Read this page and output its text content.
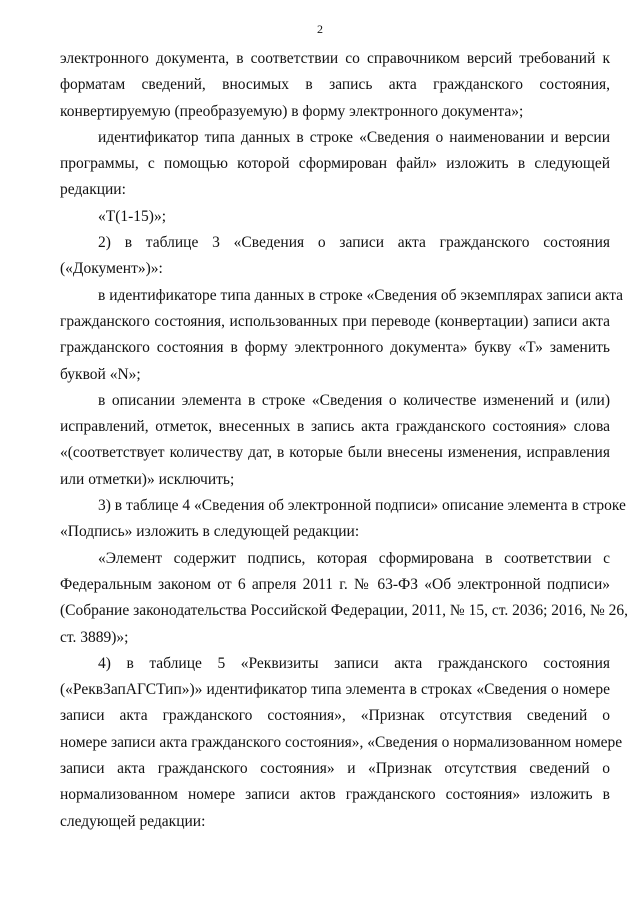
2
электронного документа, в соответствии со справочником версий требований к
форматам сведений, вносимых в запись акта гражданского состояния,
конвертируемую (преобразуемую) в форму электронного документа»;
идентификатор типа данных в строке «Сведения о наименовании и версии
программы, с помощью которой сформирован файл» изложить в следующей
редакции:
«T(1-15)»;
2) в таблице 3 «Сведения о записи акта гражданского состояния
(«Документ»)»:
в идентификаторе типа данных в строке «Сведения об экземплярах записи акта
гражданского состояния, использованных при переводе (конвертации) записи акта
гражданского состояния в форму электронного документа» букву «Т» заменить
буквой «N»;
в описании элемента в строке «Сведения о количестве изменений и (или)
исправлений, отметок, внесенных в запись акта гражданского состояния» слова
«(соответствует количеству дат, в которые были внесены изменения, исправления
или отметки)» исключить;
3) в таблице 4 «Сведения об электронной подписи» описание элемента в строке
«Подпись» изложить в следующей редакции:
«Элемент содержит подпись, которая сформирована в соответствии с
Федеральным законом от 6 апреля 2011 г. № 63-ФЗ «Об электронной подписи»
(Собрание законодательства Российской Федерации, 2011, № 15, ст. 2036; 2016, № 26,
ст. 3889)»;
4) в таблице 5 «Реквизиты записи акта гражданского состояния
(«РеквЗапАГСТип»)» идентификатор типа элемента в строках «Сведения о номере
записи акта гражданского состояния», «Признак отсутствия сведений о
номере записи акта гражданского состояния», «Сведения о нормализованном номере
записи акта гражданского состояния» и «Признак отсутствия сведений о
нормализованном номере записи актов гражданского состояния» изложить в
следующей редакции:
